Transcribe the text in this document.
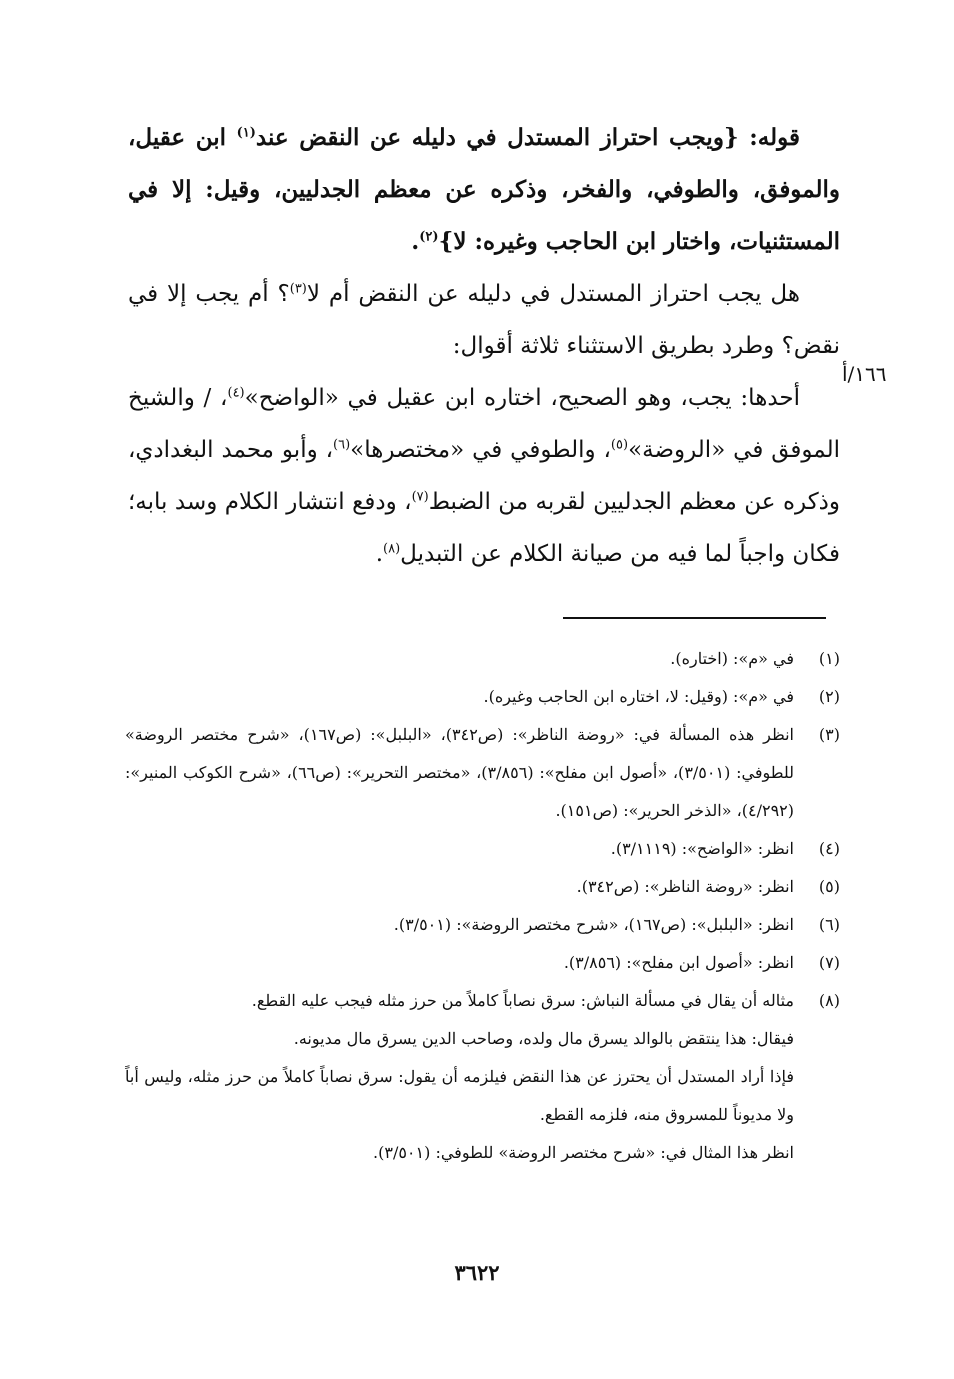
قوله: {ويجب احتراز المستدل في دليله عن النقض عند$^{(١)}$ ابن عقيل، والموفق، والطوفي، والفخر، وذكره عن معظم الجدليين، وقيل: إلا في المستثنيات، واختار ابن الحاجب وغيره: لا}$^{(٢)}$.

هل يجب احتراز المستدل في دليله عن النقض أم لا$^{(٣)}$؟ أم يجب إلا في نقض؟ وطرد بطريق الاستثناء ثلاثة أقوال:

أحدها: يجب، وهو الصحيح، اختاره ابن عقيل في «الواضح»$^{(٤)}$، / والشيخ الموفق في «الروضة»$^{(٥)}$، والطوفي في «مختصرها»$^{(٦)}$، وأبو محمد البغدادي، وذكره عن معظم الجدليين لقربه من الضبط$^{(٧)}$، ودفع انتشار الكلام وسد بابه؛ فكان واجباً لما فيه من صيانة الكلام عن التبديل$^{(٨)}$.

١٦٦/أ
(١)
في «م»: (اختاره).
(٢)
في «م»: (وقيل: لا، اختاره ابن الحاجب وغيره).
(٣)
انظر هذه المسألة في: «روضة الناظر»: (ص٣٤٢)، «البلبل»: (ص١٦٧)، «شرح مختصر الروضة» للطوفي: (٣/٥٠١)، «أصول ابن مفلح»: (٣/٨٥٦)، «مختصر التحرير»: (ص٦٦)، «شرح الكوكب المنير»: (٤/٢٩٢)، «الذخر الحرير»: (ص١٥١).
(٤)
انظر: «الواضح»: (٣/١١١٩).
(٥)
انظر: «روضة الناظر»: (ص٣٤٢).
(٦)
انظر: «البلبل»: (ص١٦٧)، «شرح مختصر الروضة»: (٣/٥٠١).
(٧)
انظر: «أصول ابن مفلح»: (٣/٨٥٦).
(٨)
مثاله أن يقال في مسألة النباش: سرق نصاباً كاملاً من حرز مثله فيجب عليه القطع.
فيقال: هذا ينتقض بالوالد يسرق مال ولده، وصاحب الدين يسرق مال مديونه.
فإذا أراد المستدل أن يحترز عن هذا النقض فيلزمه أن يقول: سرق نصاباً كاملاً من حرز مثله، وليس أباً ولا مديوناً للمسروق منه، فلزمه القطع.
انظر هذا المثال في: «شرح مختصر الروضة» للطوفي: (٣/٥٠١).
٣٦٢٢
